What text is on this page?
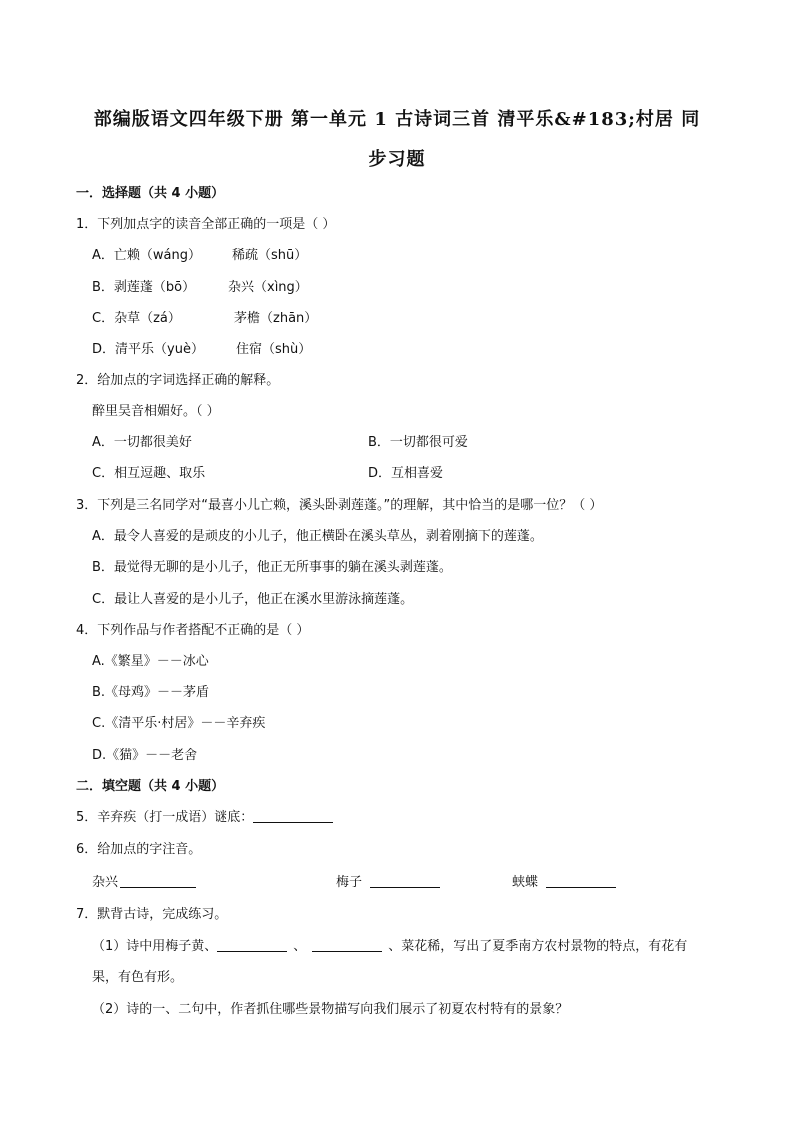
部编版语文四年级下册 第一单元 1 古诗词三首 清平乐&#183;村居 同
步习题
一．选择题（共 4 小题）
1．下列加点字的读音全部正确的一项是（ ）
A．亡赖（wáng） 稀疏（shū）
B．剥莲蓬（bō）	杂兴（xìng）
C．杂草（zá）	茅檐（zhān）
D．清平乐（yuè） 住宿（shù）
2．给加点的字词选择正确的解释。
醉里吴音相媚好。（ ）
A．一切都很美好	B．一切都很可爱
C．相互逗趣、取乐	D．互相喜爱
3．下列是三名同学对“最喜小儿亡赖，溪头卧剥莲蓬。”的理解，其中恰当的是哪一位？（ ）
A．最令人喜爱的是顽皮的小儿子，他正横卧在溪头草丛，剥着刚摘下的莲蓬。
B．最觉得无聊的是小儿子，他正无所事事的躺在溪头剥莲蓬。
C．最让人喜爱的是小儿子，他正在溪水里游泳摘莲蓬。
4．下列作品与作者搭配不正确的是（ ）
A.《繁星》－－冰心
B.《母鸡》－－茅盾
C.《清平乐·村居》－－辛弃疾
D.《猫》－－老舍
二．填空题（共 4 小题）
5．辛弃疾（打一成语）谜底：
6．给加点的字注音。
杂兴	梅子	蛱蝶
7．默背古诗，完成练习。
（1）诗中用梅子黄、	、	、菜花稀，写出了夏季南方农村景物的特点，有花有
果，有色有形。
（2）诗的一、二句中，作者抓住哪些景物描写向我们展示了初夏农村特有的景象？
